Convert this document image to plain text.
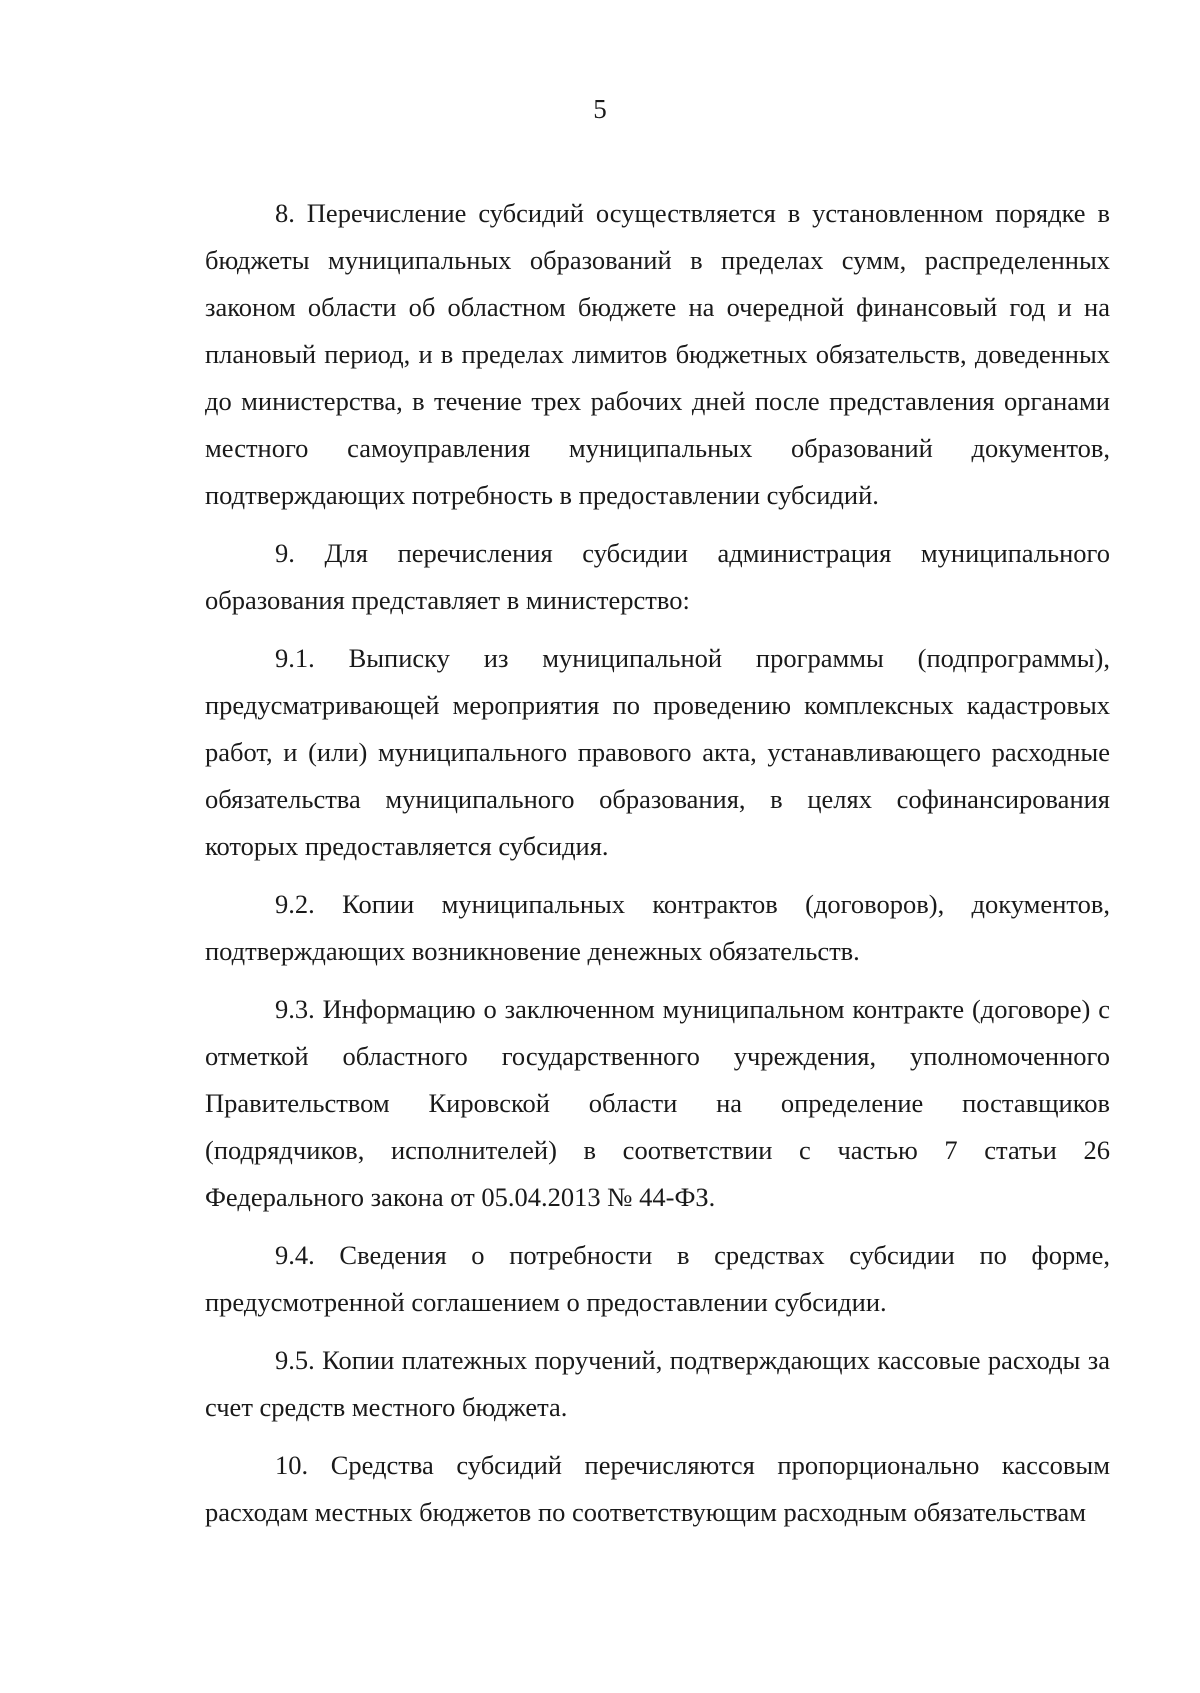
5

8. Перечисление субсидий осуществляется в установленном порядке в бюджеты муниципальных образований в пределах сумм, распределенных законом области об областном бюджете на очередной финансовый год и на плановый период, и в пределах лимитов бюджетных обязательств, доведенных до министерства, в течение трех рабочих дней после представления органами местного самоуправления муниципальных образований документов, подтверждающих потребность в предоставлении субсидий.

9. Для перечисления субсидии администрация муниципального образования представляет в министерство:

9.1. Выписку из муниципальной программы (подпрограммы), предусматривающей мероприятия по проведению комплексных кадастровых работ, и (или) муниципального правового акта, устанавливающего расходные обязательства муниципального образования, в целях софинансирования которых предоставляется субсидия.

9.2. Копии муниципальных контрактов (договоров), документов, подтверждающих возникновение денежных обязательств.

9.3. Информацию о заключенном муниципальном контракте (договоре) с отметкой областного государственного учреждения, уполномоченного Правительством Кировской области на определение поставщиков (подрядчиков, исполнителей) в соответствии с частью 7 статьи 26 Федерального закона от 05.04.2013 № 44-ФЗ.

9.4. Сведения о потребности в средствах субсидии по форме, предусмотренной соглашением о предоставлении субсидии.

9.5. Копии платежных поручений, подтверждающих кассовые расходы за счет средств местного бюджета.

10. Средства субсидий перечисляются пропорционально кассовым расходам местных бюджетов по соответствующим расходным обязательствам
